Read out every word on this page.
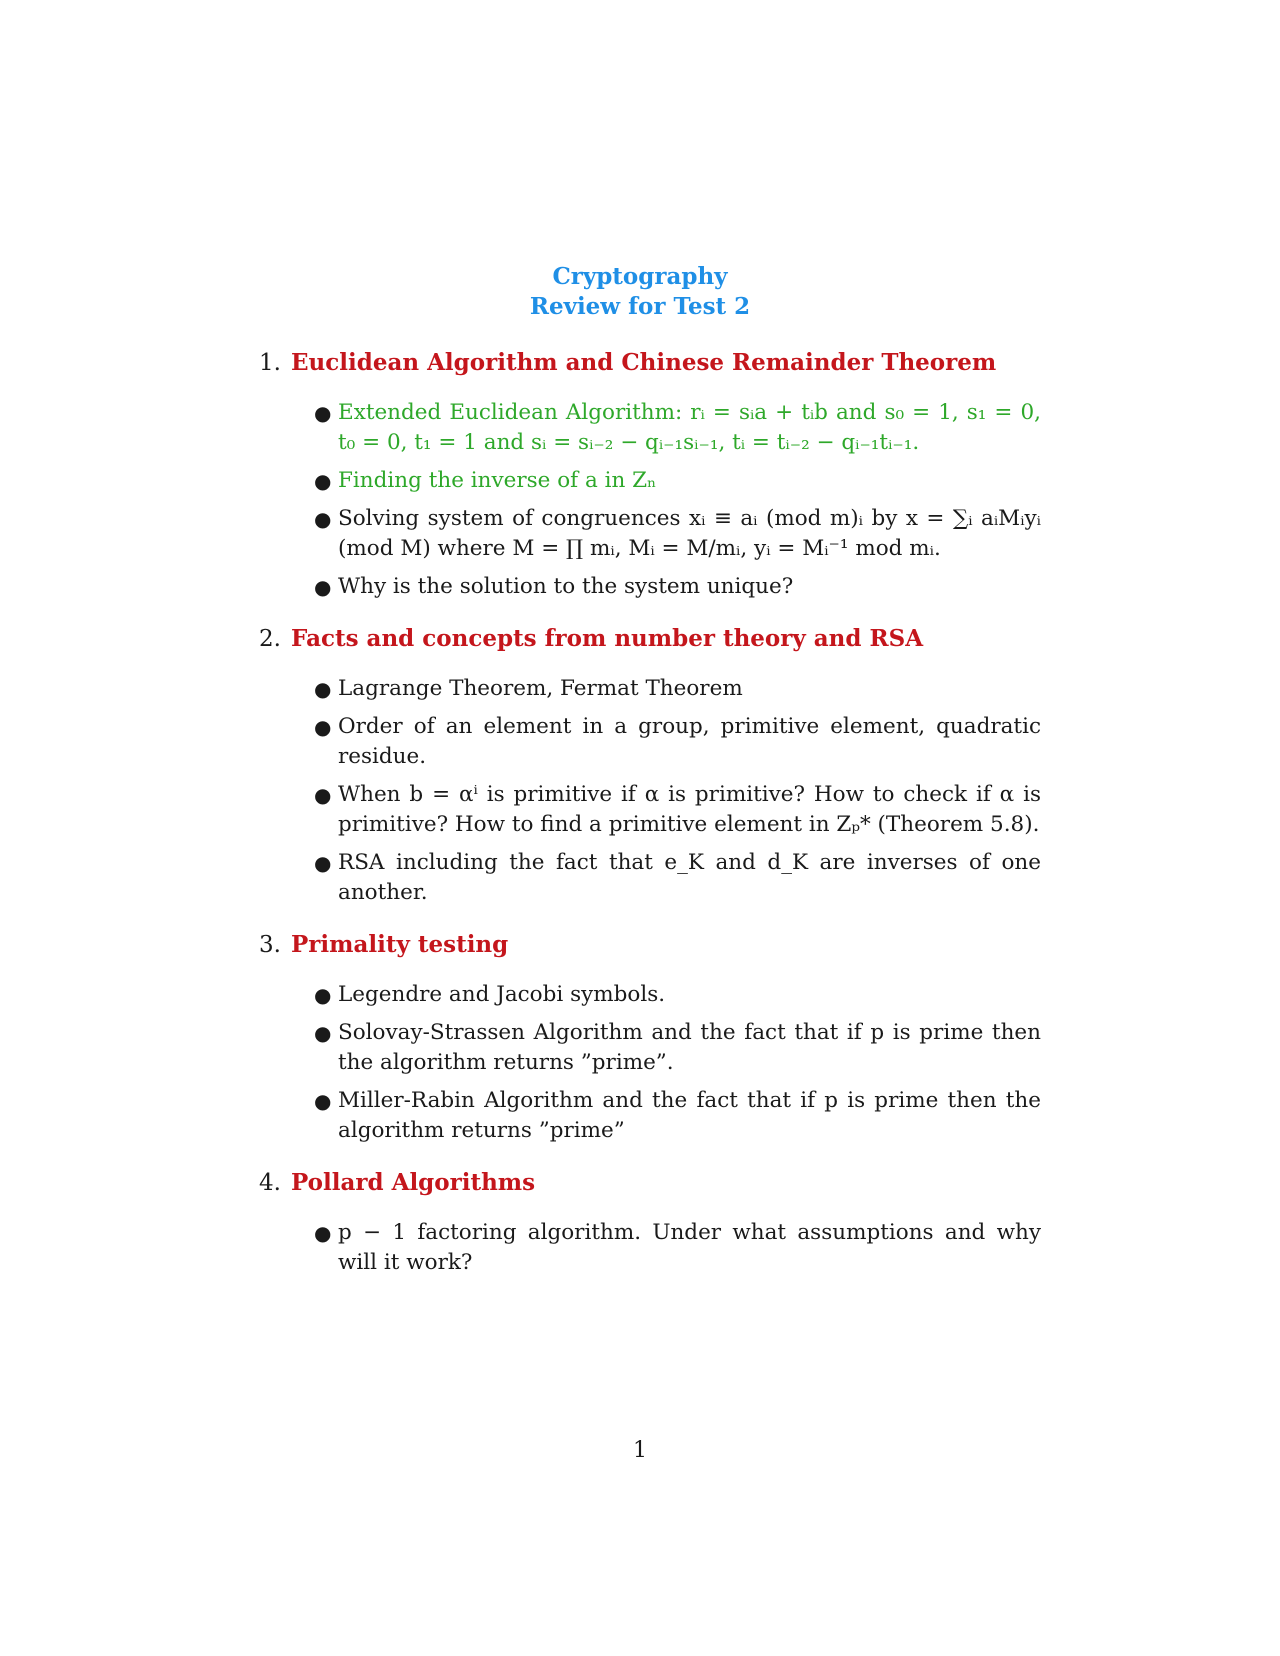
Cryptography
Review for Test 2
1. Euclidean Algorithm and Chinese Remainder Theorem
● Extended Euclidean Algorithm: rᵢ = sᵢa + tᵢb and s₀ = 1, s₁ = 0, t₀ = 0, t₁ = 1 and sᵢ = sᵢ₋₂ − qᵢ₋₁sᵢ₋₁, tᵢ = tᵢ₋₂ − qᵢ₋₁tᵢ₋₁.
● Finding the inverse of a in Zₙ
● Solving system of congruences xᵢ ≡ aᵢ (mod m)ᵢ by x = ∑ᵢ aᵢMᵢyᵢ (mod M) where M = ∏ mᵢ, Mᵢ = M/mᵢ, yᵢ = Mᵢ⁻¹ mod mᵢ.
● Why is the solution to the system unique?
2. Facts and concepts from number theory and RSA
● Lagrange Theorem, Fermat Theorem
● Order of an element in a group, primitive element, quadratic residue.
● When b = αⁱ is primitive if α is primitive? How to check if α is primitive? How to find a primitive element in Zₚ* (Theorem 5.8).
● RSA including the fact that e_K and d_K are inverses of one another.
3. Primality testing
● Legendre and Jacobi symbols.
● Solovay-Strassen Algorithm and the fact that if p is prime then the algorithm returns ”prime”.
● Miller-Rabin Algorithm and the fact that if p is prime then the algorithm returns ”prime”
4. Pollard Algorithms
● p − 1 factoring algorithm. Under what assumptions and why will it work?
1
